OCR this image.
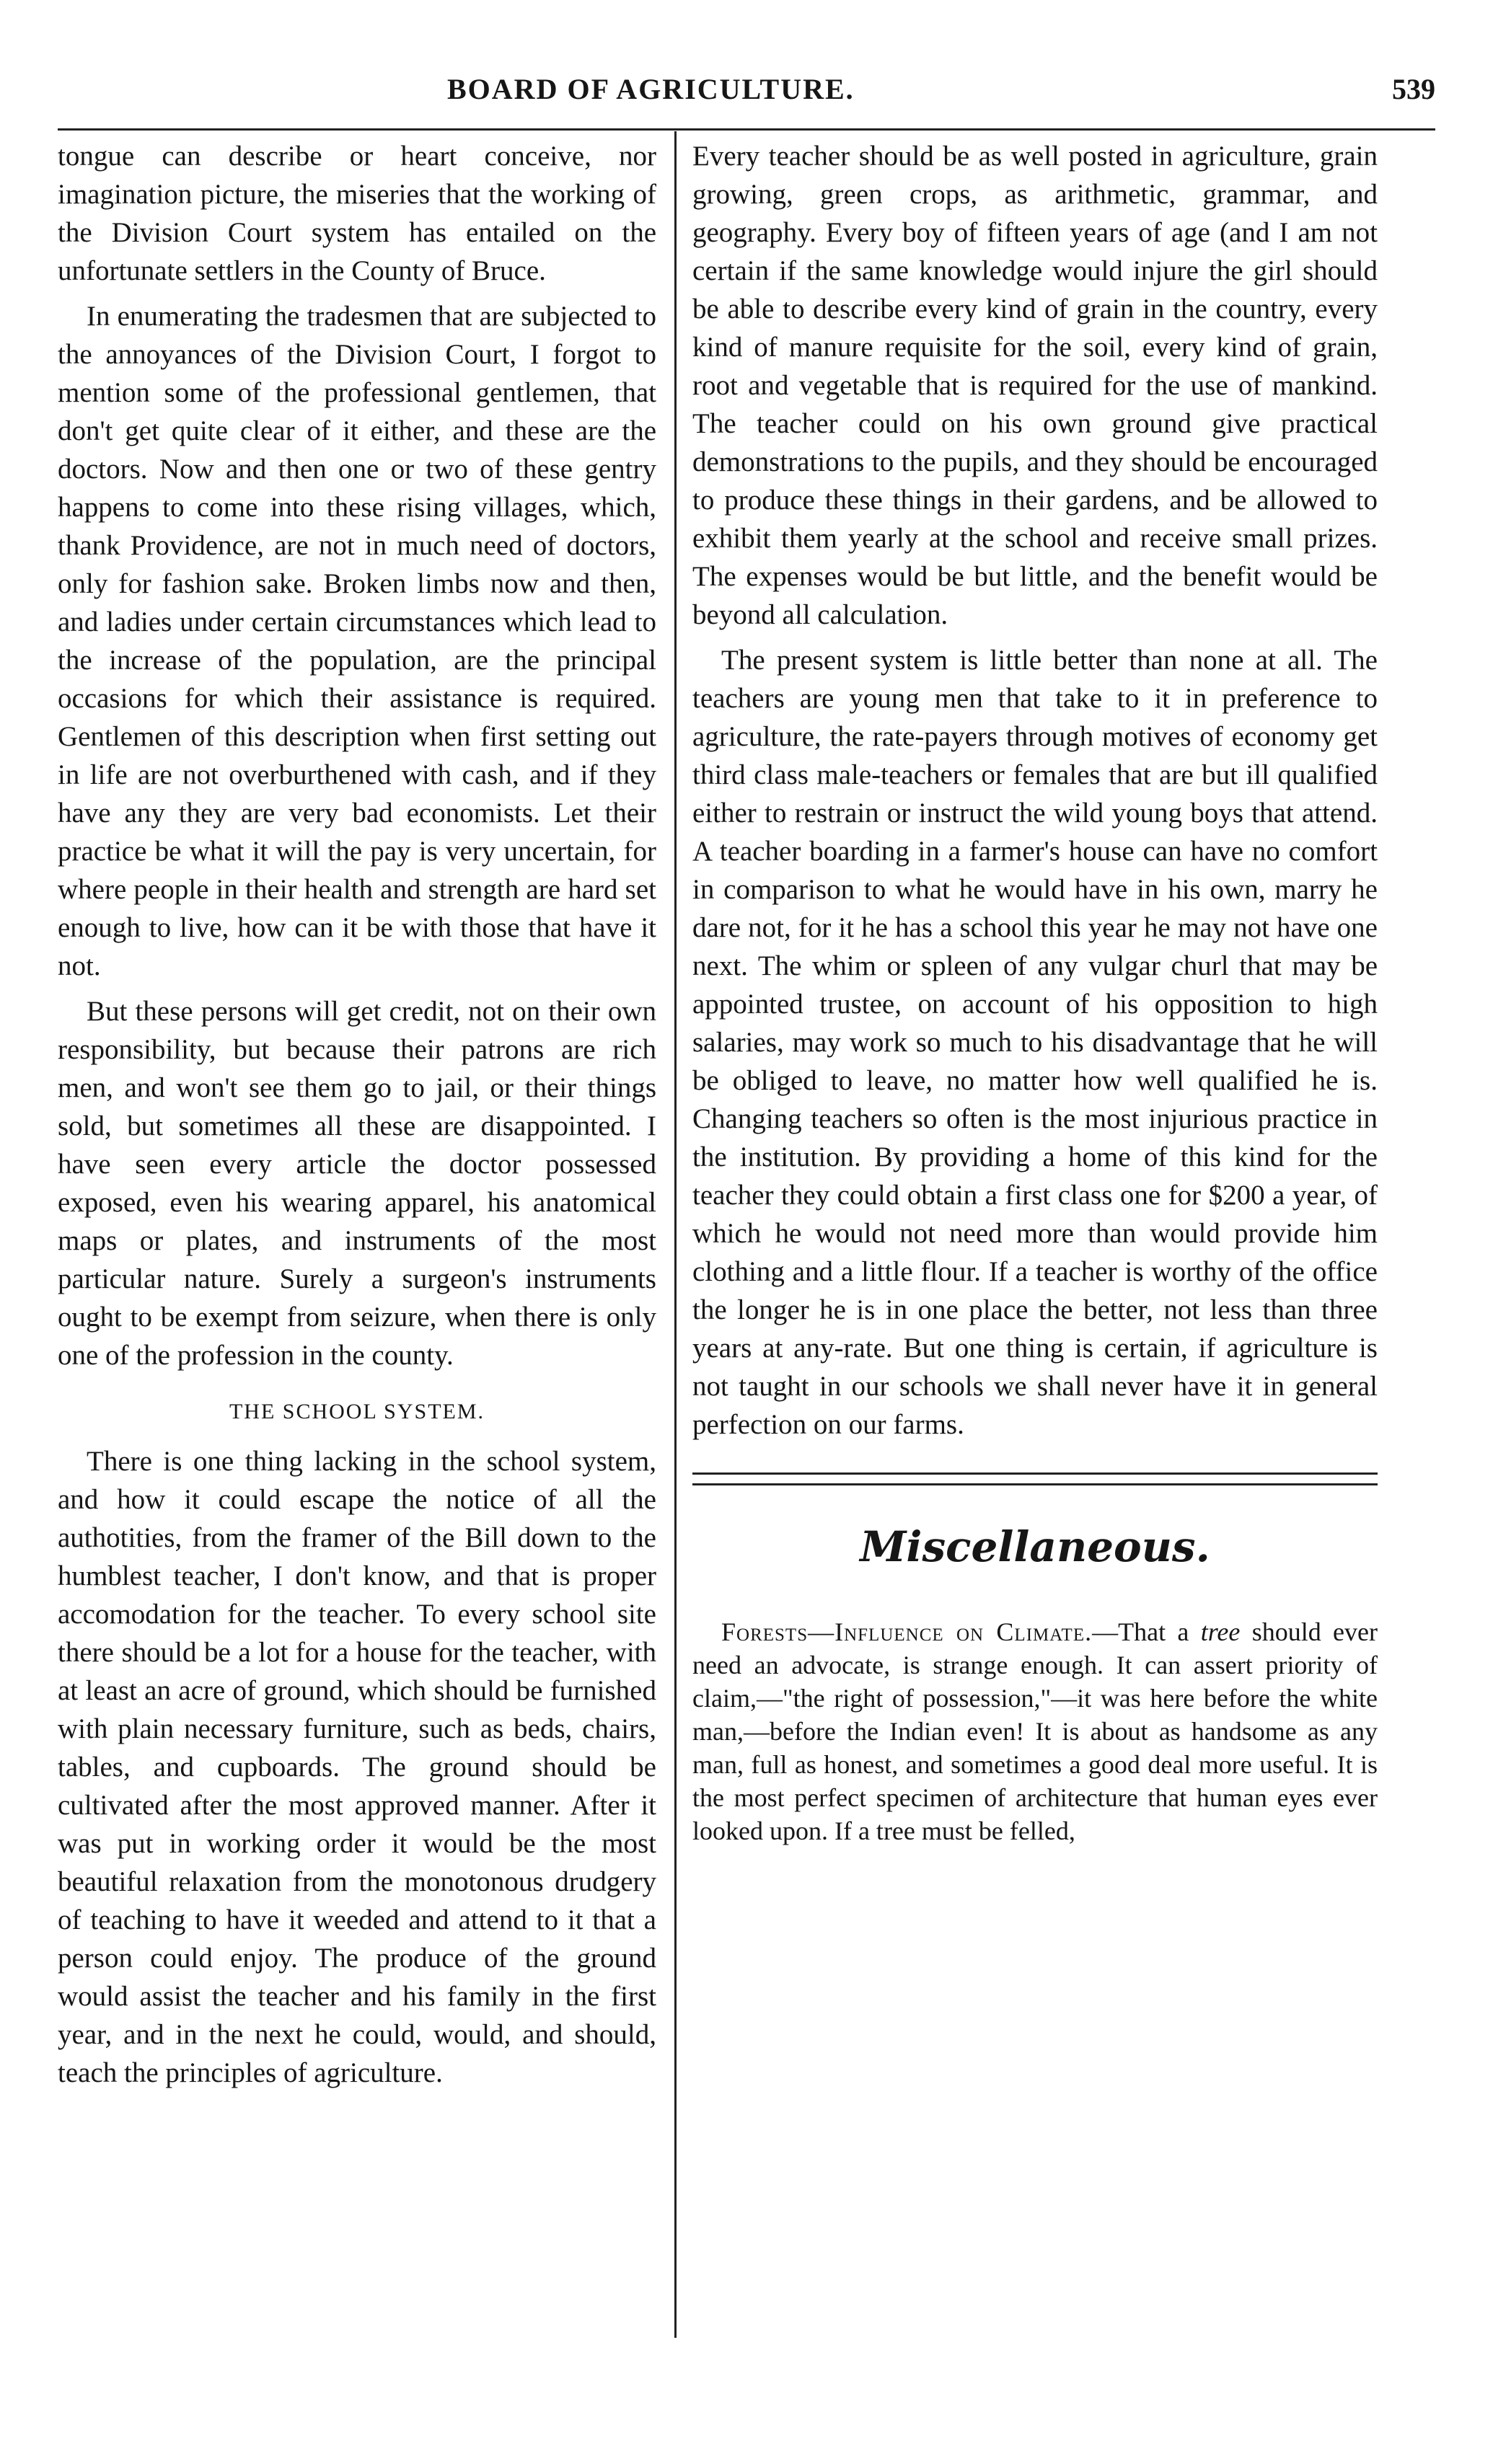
BOARD OF AGRICULTURE.	539

tongue can describe or heart conceive, nor imagination picture, the miseries that the working of the Division Court system has entailed on the unfortunate settlers in the County of Bruce.

In enumerating the tradesmen that are subjected to the annoyances of the Division Court, I forgot to mention some of the professional gentlemen, that don't get quite clear of it either, and these are the doctors. Now and then one or two of these gentry happens to come into these rising villages, which, thank Providence, are not in much need of doctors, only for fashion sake. Broken limbs now and then, and ladies under certain circumstances which lead to the increase of the population, are the principal occasions for which their assistance is required. Gentlemen of this description when first setting out in life are not overburthened with cash, and if they have any they are very bad economists. Let their practice be what it will the pay is very uncertain, for where people in their health and strength are hard set enough to live, how can it be with those that have it not.

But these persons will get credit, not on their own responsibility, but because their patrons are rich men, and won't see them go to jail, or their things sold, but sometimes all these are disappointed. I have seen every article the doctor possessed exposed, even his wearing apparel, his anatomical maps or plates, and instruments of the most particular nature. Surely a surgeon's instruments ought to be exempt from seizure, when there is only one of the profession in the county.

THE SCHOOL SYSTEM.

There is one thing lacking in the school system, and how it could escape the notice of all the authotities, from the framer of the Bill down to the humblest teacher, I don't know, and that is proper accomodation for the teacher. To every school site there should be a lot for a house for the teacher, with at least an acre of ground, which should be furnished with plain necessary furniture, such as beds, chairs, tables, and cupboards. The ground should be cultivated after the most approved manner. After it was put in working order it would be the most beautiful relaxation from the monotonous drudgery of teaching to have it weeded and attend to it that a person could enjoy. The produce of the ground would assist the teacher and his family in the first year, and in the next he could, would, and should, teach the principles of agriculture.

Every teacher should be as well posted in agriculture, grain growing, green crops, as arithmetic, grammar, and geography. Every boy of fifteen years of age (and I am not certain if the same knowledge would injure the girl should be able to describe every kind of grain in the country, every kind of manure requisite for the soil, every kind of grain, root and vegetable that is required for the use of mankind. The teacher could on his own ground give practical demonstrations to the pupils, and they should be encouraged to produce these things in their gardens, and be allowed to exhibit them yearly at the school and receive small prizes. The expenses would be but little, and the benefit would be beyond all calculation.

The present system is little better than none at all. The teachers are young men that take to it in preference to agriculture, the rate-payers through motives of economy get third class male-teachers or females that are but ill qualified either to restrain or instruct the wild young boys that attend. A teacher boarding in a farmer's house can have no comfort in comparison to what he would have in his own, marry he dare not, for it he has a school this year he may not have one next. The whim or spleen of any vulgar churl that may be appointed trustee, on account of his opposition to high salaries, may work so much to his disadvantage that he will be obliged to leave, no matter how well qualified he is. Changing teachers so often is the most injurious practice in the institution. By providing a home of this kind for the teacher they could obtain a first class one for $200 a year, of which he would not need more than would provide him clothing and a little flour. If a teacher is worthy of the office the longer he is in one place the better, not less than three years at any-rate. But one thing is certain, if agriculture is not taught in our schools we shall never have it in general perfection on our farms.

Miscellaneous.

Forests—Influence on Climate.—That a tree should ever need an advocate, is strange enough. It can assert priority of claim,—"the right of possession,"—it was here before the white man,—before the Indian even! It is about as handsome as any man, full as honest, and sometimes a good deal more useful. It is the most perfect specimen of architecture that human eyes ever looked upon. If a tree must be felled,
